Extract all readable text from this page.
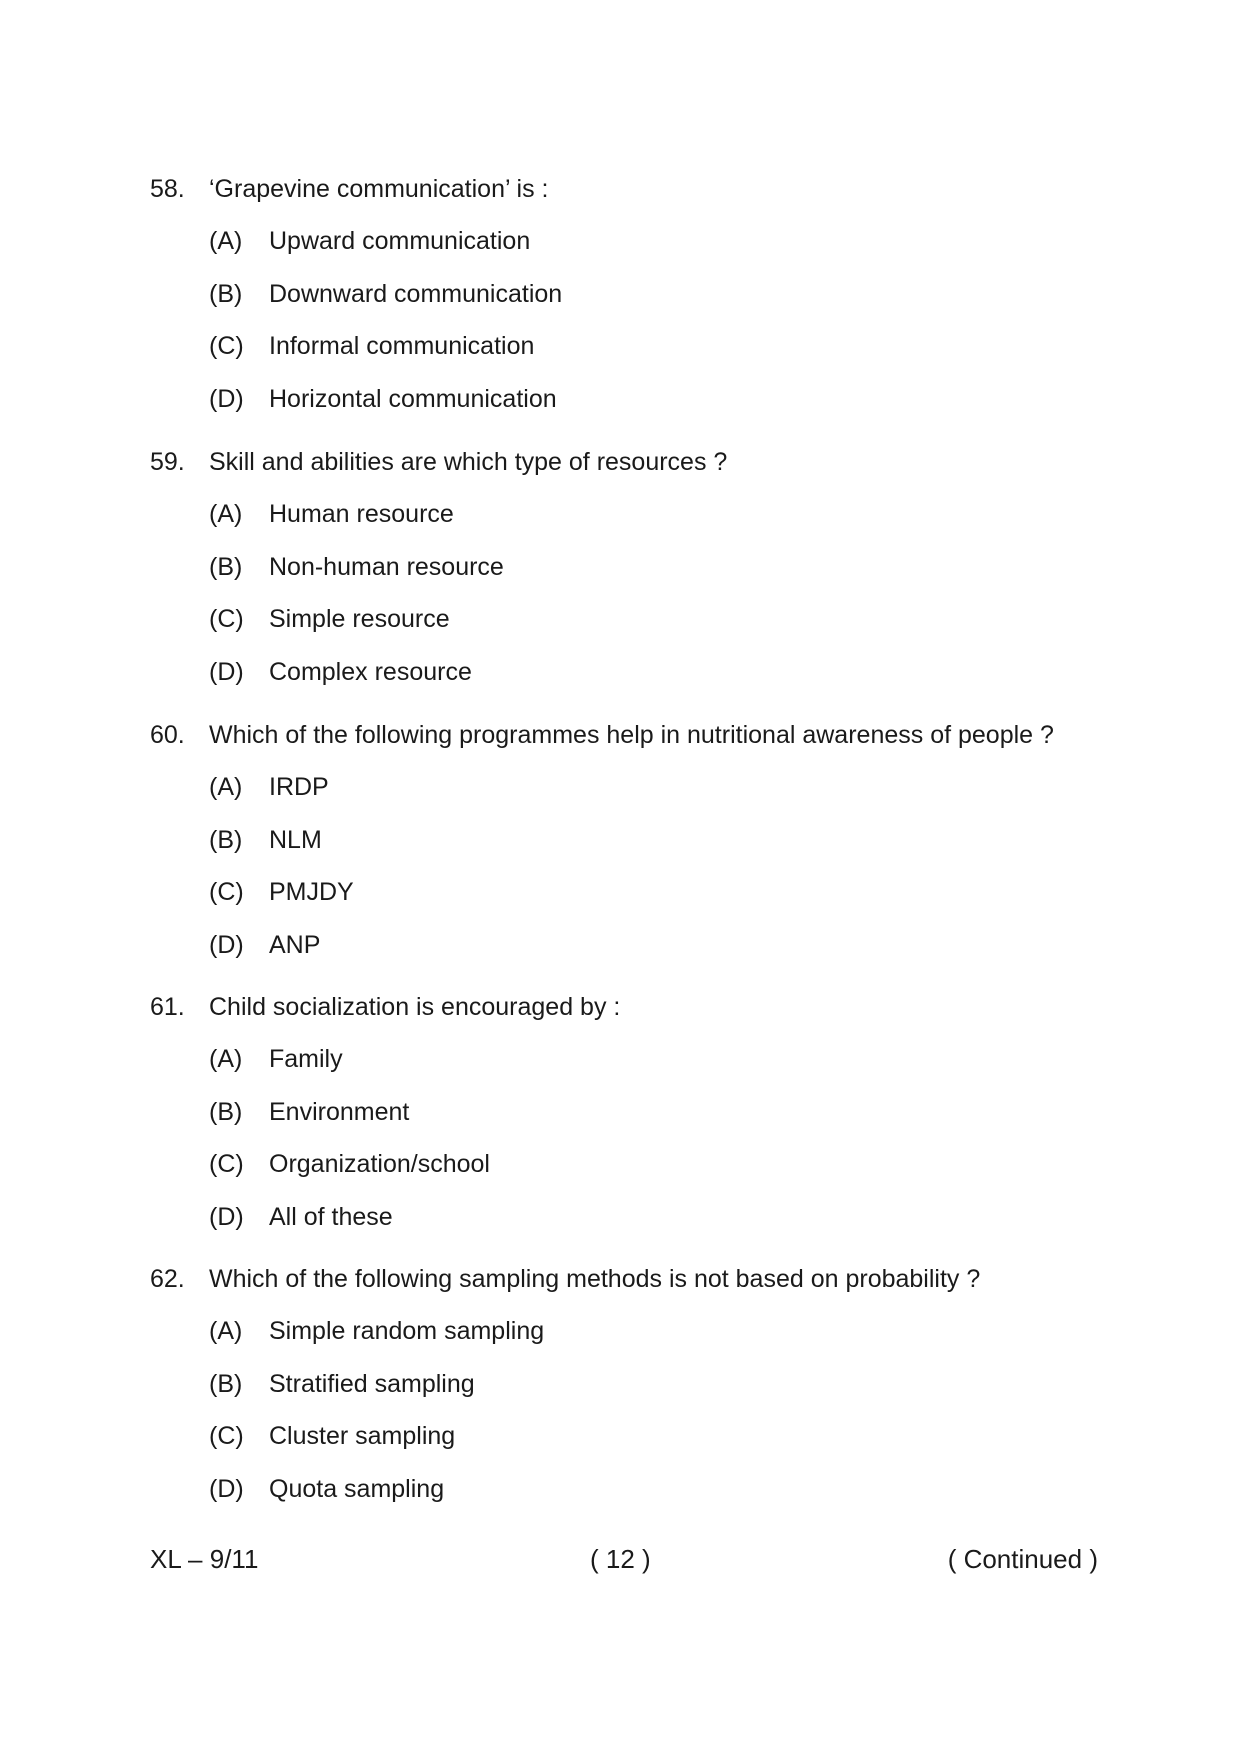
58. ‘Grapevine communication’ is :
(A)	Upward communication
(B)	Downward communication
(C)	Informal communication
(D)	Horizontal communication
59. Skill and abilities are which type of resources ?
(A)	Human resource
(B)	Non-human resource
(C)	Simple resource
(D)	Complex resource
60. Which of the following programmes help in nutritional awareness of people ?
(A)	IRDP
(B)	NLM
(C)	PMJDY
(D)	ANP
61. Child socialization is encouraged by :
(A)	Family
(B)	Environment
(C)	Organization/school
(D)	All of these
62. Which of the following sampling methods is not based on probability ?
(A)	Simple random sampling
(B)	Stratified sampling
(C)	Cluster sampling
(D)	Quota sampling
XL – 9/11	( 12 )	( Continued )
